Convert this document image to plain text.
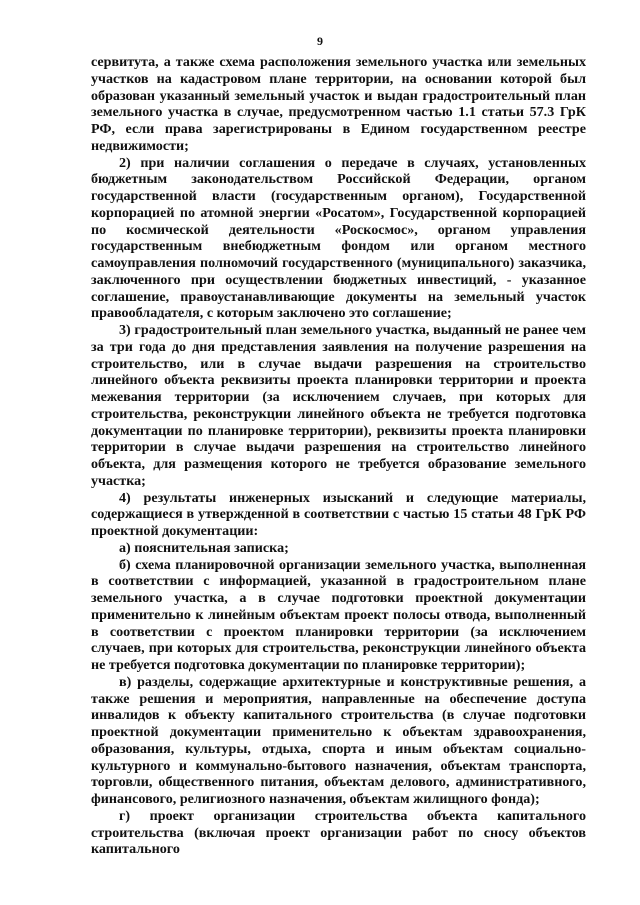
9

сервитута, а также схема расположения земельного участка или земельных участков на кадастровом плане территории, на основании которой был образован указанный земельный участок и выдан градостроительный план земельного участка в случае, предусмотренном частью 1.1 статьи 57.3 ГрК РФ, если права зарегистрированы в Едином государственном реестре недвижимости;

2) при наличии соглашения о передаче в случаях, установленных бюджетным законодательством Российской Федерации, органом государственной власти (государственным органом), Государственной корпорацией по атомной энергии «Росатом», Государственной корпорацией по космической деятельности «Роскосмос», органом управления государственным внебюджетным фондом или органом местного самоуправления полномочий государственного (муниципального) заказчика, заключенного при осуществлении бюджетных инвестиций, - указанное соглашение, правоустанавливающие документы на земельный участок правообладателя, с которым заключено это соглашение;

3) градостроительный план земельного участка, выданный не ранее чем за три года до дня представления заявления на получение разрешения на строительство, или в случае выдачи разрешения на строительство линейного объекта реквизиты проекта планировки территории и проекта межевания территории (за исключением случаев, при которых для строительства, реконструкции линейного объекта не требуется подготовка документации по планировке территории), реквизиты проекта планировки территории в случае выдачи разрешения на строительство линейного объекта, для размещения которого не требуется образование земельного участка;

4) результаты инженерных изысканий и следующие материалы, содержащиеся в утвержденной в соответствии с частью 15 статьи 48 ГрК РФ проектной документации:

а) пояснительная записка;

б) схема планировочной организации земельного участка, выполненная в соответствии с информацией, указанной в градостроительном плане земельного участка, а в случае подготовки проектной документации применительно к линейным объектам проект полосы отвода, выполненный в соответствии с проектом планировки территории (за исключением случаев, при которых для строительства, реконструкции линейного объекта не требуется подготовка документации по планировке территории);

в) разделы, содержащие архитектурные и конструктивные решения, а также решения и мероприятия, направленные на обеспечение доступа инвалидов к объекту капитального строительства (в случае подготовки проектной документации применительно к объектам здравоохранения, образования, культуры, отдыха, спорта и иным объектам социально-культурного и коммунально-бытового назначения, объектам транспорта, торговли, общественного питания, объектам делового, административного, финансового, религиозного назначения, объектам жилищного фонда);

г) проект организации строительства объекта капитального строительства (включая проект организации работ по сносу объектов капитального
